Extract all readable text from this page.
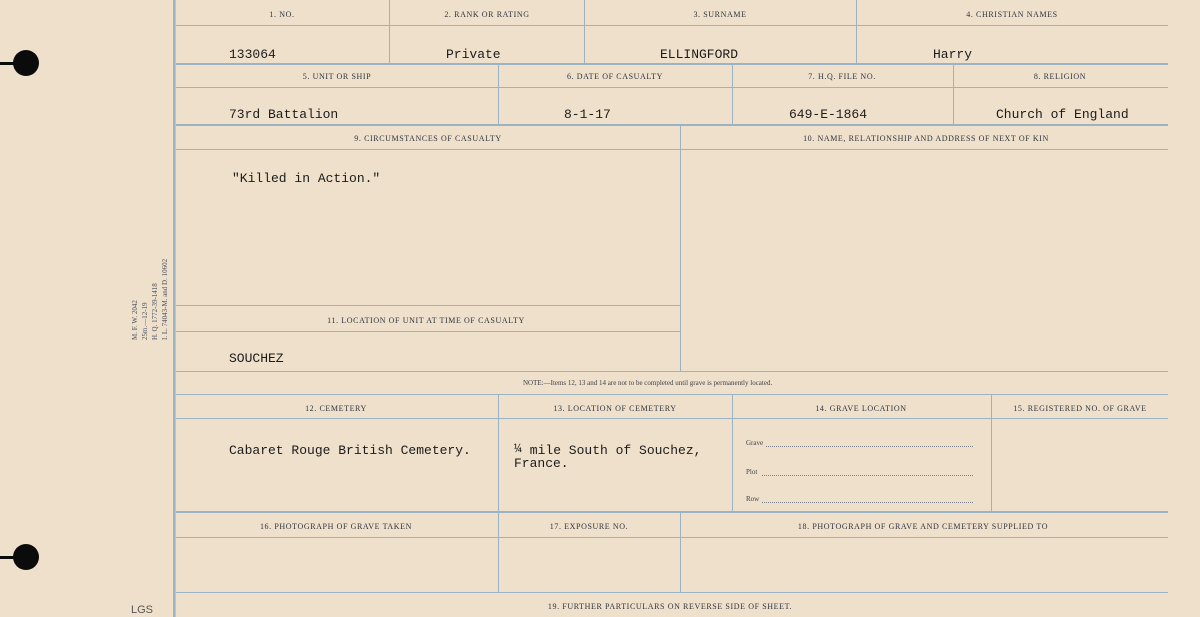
M. F. W. 2042 25m.—12-19 H. Q. 1772-39-1418 I. L. 74043-M. and D. 10602
LGS
1. NO.	2. RANK OR RATING	3. SURNAME	4. CHRISTIAN NAMES
133064	Private	ELLINGFORD	Harry
5. UNIT OR SHIP	6. DATE OF CASUALTY	7. H.Q. FILE NO.	8. RELIGION
73rd Battalion	8-1-17	649-E-1864	Church of England
9. CIRCUMSTANCES OF CASUALTY	10. NAME, RELATIONSHIP AND ADDRESS OF NEXT OF KIN
"Killed in Action."
11. LOCATION OF UNIT AT TIME OF CASUALTY
SOUCHEZ
NOTE:—Items 12, 13 and 14 are not to be completed until grave is permanently located.
12. CEMETERY	13. LOCATION OF CEMETERY	14. GRAVE LOCATION	15. REGISTERED NO. OF GRAVE
Cabaret Rouge British Cemetery.	¼ mile South of Souchez,
France.
Grave
Plot
Row
16. PHOTOGRAPH OF GRAVE TAKEN	17. EXPOSURE NO.	18. PHOTOGRAPH OF GRAVE AND CEMETERY SUPPLIED TO
19. FURTHER PARTICULARS ON REVERSE SIDE OF SHEET.
